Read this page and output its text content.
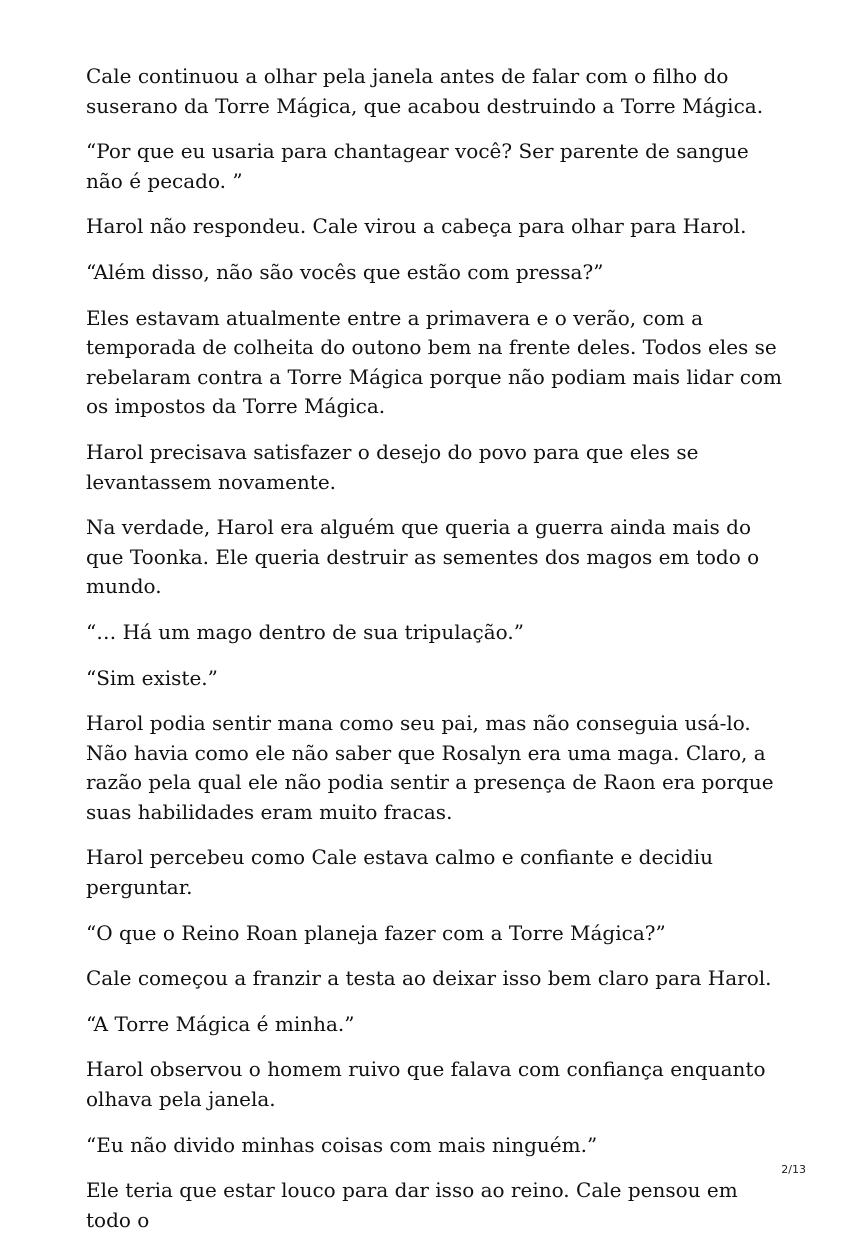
Cale continuou a olhar pela janela antes de falar com o filho do suserano da Torre Mágica, que acabou destruindo a Torre Mágica.

“Por que eu usaria para chantagear você? Ser parente de sangue não é pecado. ”

Harol não respondeu. Cale virou a cabeça para olhar para Harol.

“Além disso, não são vocês que estão com pressa?”

Eles estavam atualmente entre a primavera e o verão, com a temporada de colheita do outono bem na frente deles. Todos eles se rebelaram contra a Torre Mágica porque não podiam mais lidar com os impostos da Torre Mágica.

Harol precisava satisfazer o desejo do povo para que eles se levantassem novamente.

Na verdade, Harol era alguém que queria a guerra ainda mais do que Toonka. Ele queria destruir as sementes dos magos em todo o mundo.

“… Há um mago dentro de sua tripulação.”

“Sim existe.”

Harol podia sentir mana como seu pai, mas não conseguia usá-lo. Não havia como ele não saber que Rosalyn era uma maga. Claro, a razão pela qual ele não podia sentir a presença de Raon era porque suas habilidades eram muito fracas.

Harol percebeu como Cale estava calmo e confiante e decidiu perguntar.

“O que o Reino Roan planeja fazer com a Torre Mágica?”

Cale começou a franzir a testa ao deixar isso bem claro para Harol.

“A Torre Mágica é minha.”

Harol observou o homem ruivo que falava com confiança enquanto olhava pela janela.

“Eu não divido minhas coisas com mais ninguém.”

Ele teria que estar louco para dar isso ao reino. Cale pensou em todo o

2/13
